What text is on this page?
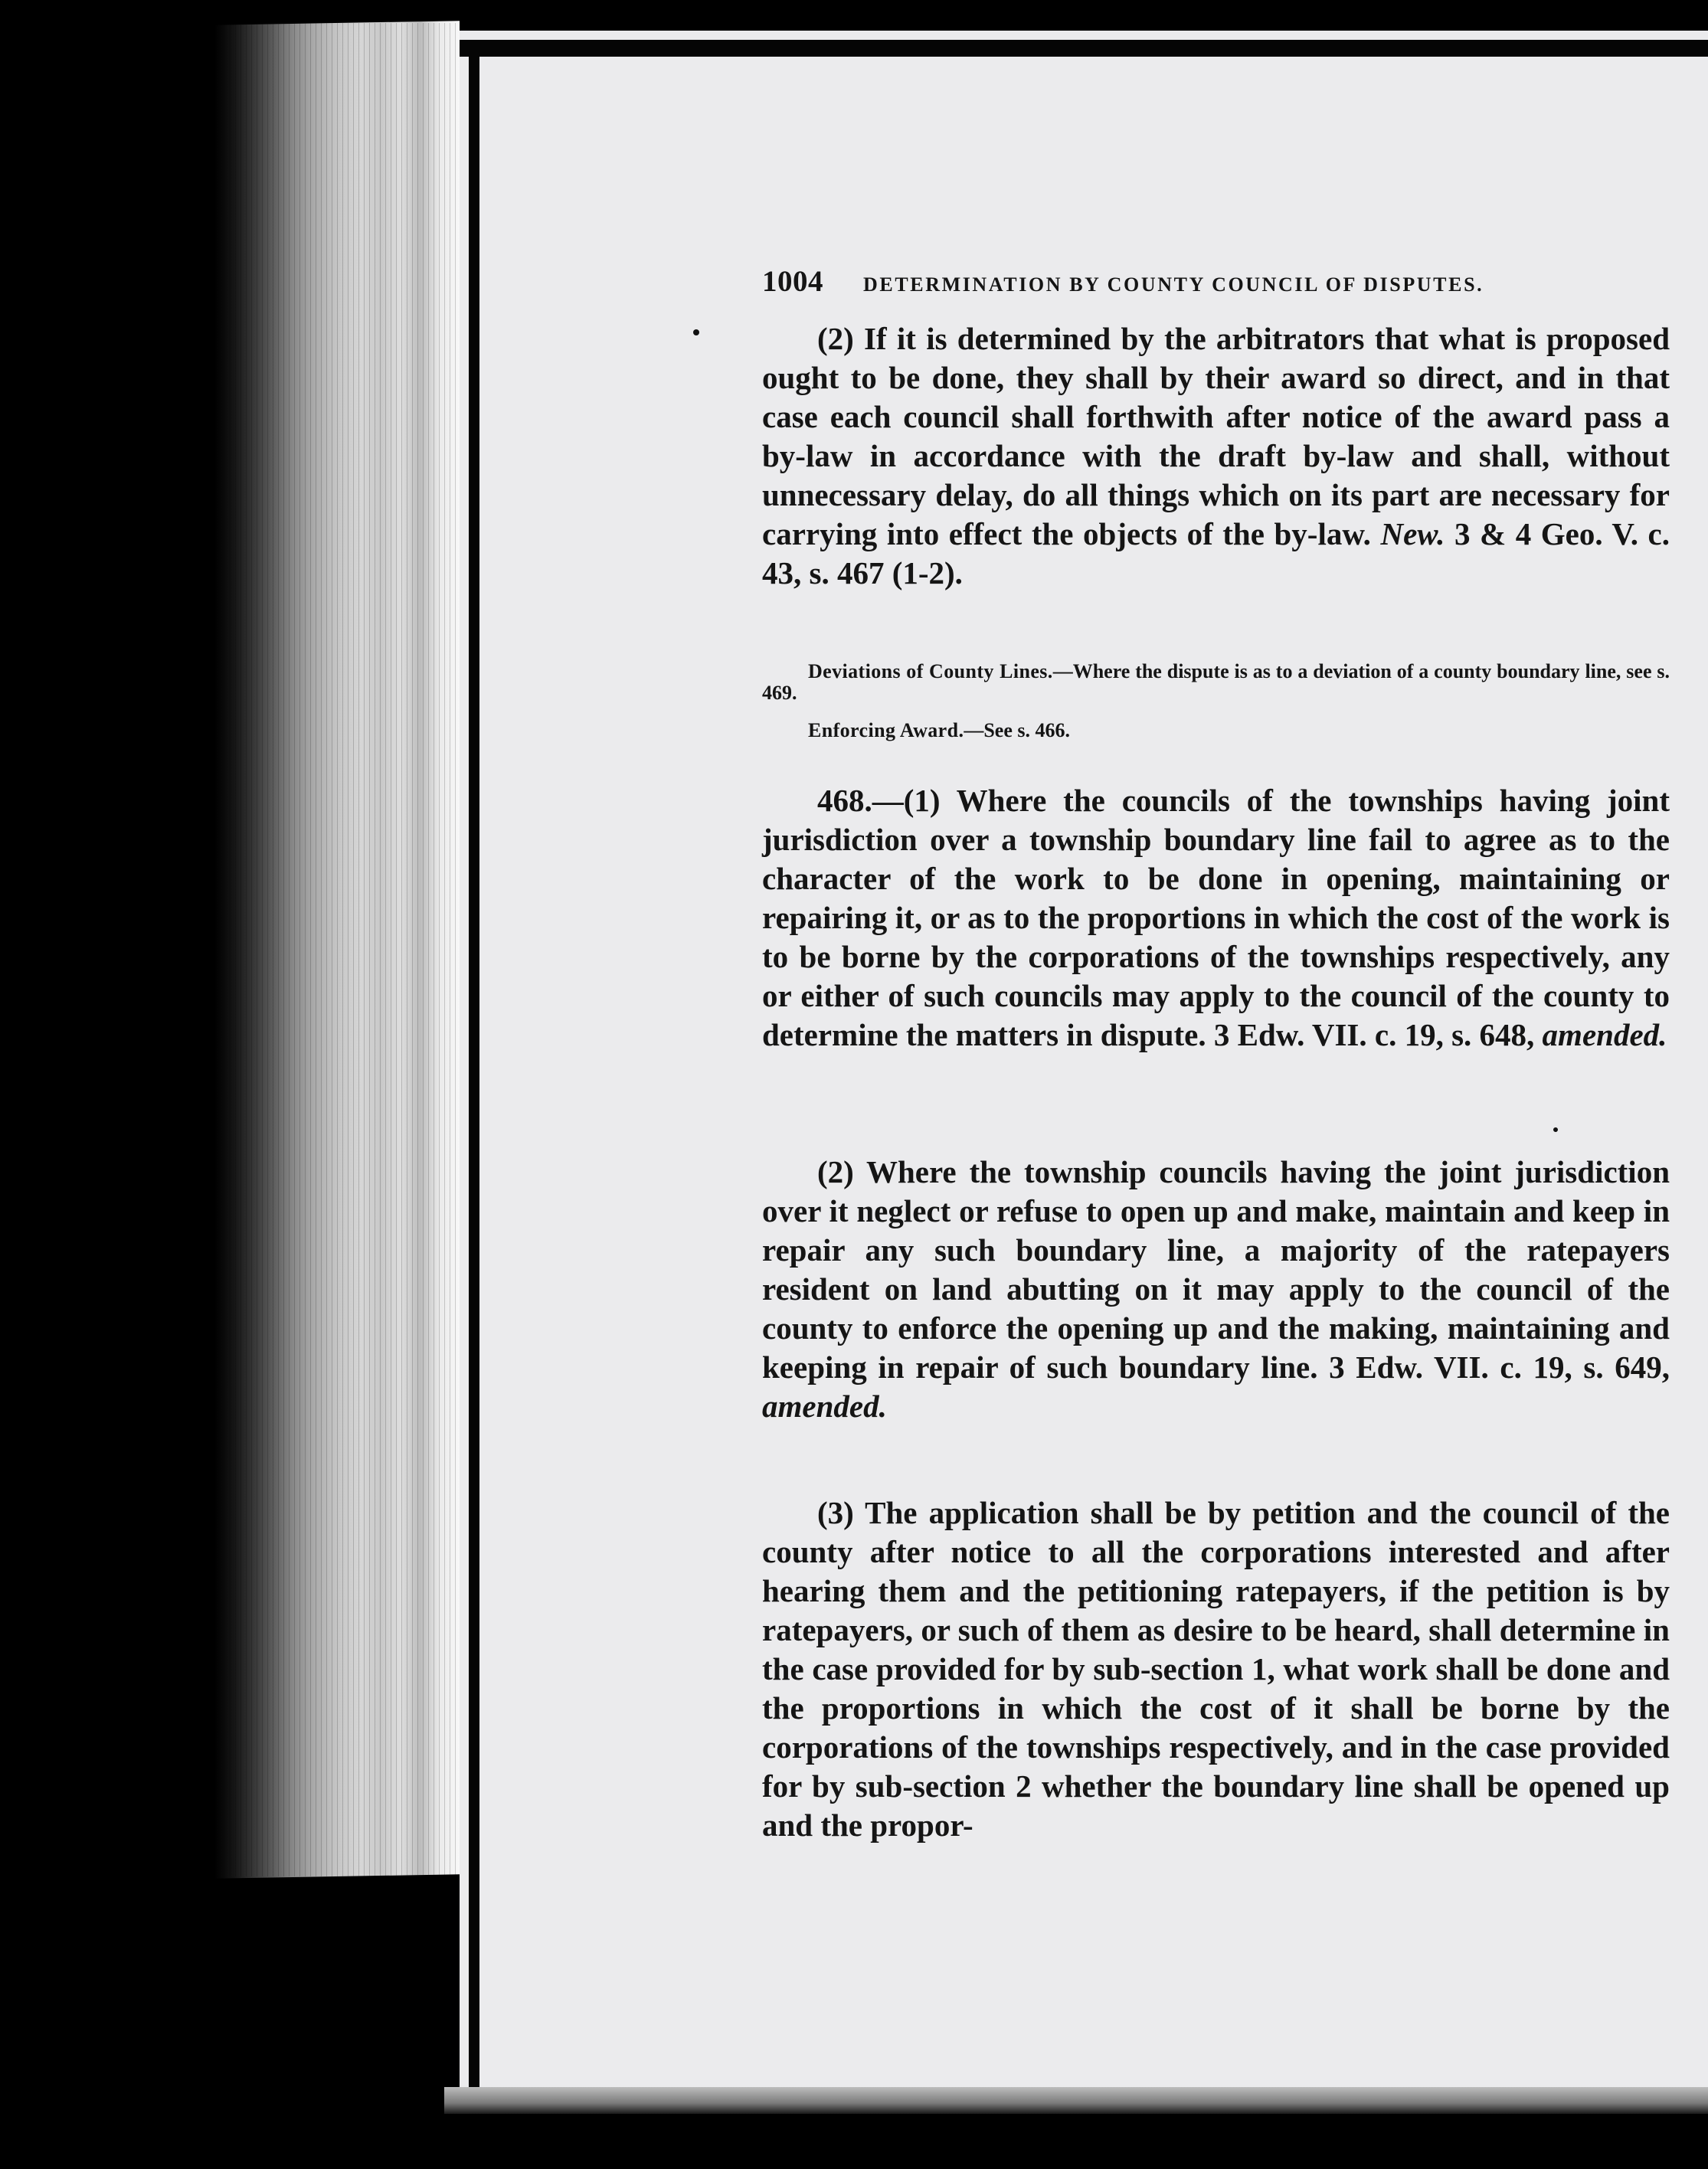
1004 DETERMINATION BY COUNTY COUNCIL OF DISPUTES.
(2) If it is determined by the arbitrators that what is proposed ought to be done, they shall by their award so direct, and in that case each council shall forthwith after notice of the award pass a by-law in accordance with the draft by-law and shall, without unnecessary delay, do all things which on its part are necessary for carrying into effect the objects of the by-law. New. 3 & 4 Geo. V. c. 43, s. 467 (1-2).
Deviations of County Lines.—Where the dispute is as to a deviation of a county boundary line, see s. 469.
Enforcing Award.—See s. 466.
468.—(1) Where the councils of the townships having joint jurisdiction over a township boundary line fail to agree as to the character of the work to be done in opening, maintaining or repairing it, or as to the proportions in which the cost of the work is to be borne by the corporations of the townships respectively, any or either of such councils may apply to the council of the county to determine the matters in dispute. 3 Edw. VII. c. 19, s. 648, amended.
(2) Where the township councils having the joint jurisdiction over it neglect or refuse to open up and make, maintain and keep in repair any such boundary line, a majority of the ratepayers resident on land abutting on it may apply to the council of the county to enforce the opening up and the making, maintaining and keeping in repair of such boundary line. 3 Edw. VII. c. 19, s. 649, amended.
(3) The application shall be by petition and the council of the county after notice to all the corporations interested and after hearing them and the petitioning ratepayers, if the petition is by ratepayers, or such of them as desire to be heard, shall determine in the case provided for by sub-section 1, what work shall be done and the proportions in which the cost of it shall be borne by the corporations of the townships respectively, and in the case provided for by sub-section 2 whether the boundary line shall be opened up and the propor-
